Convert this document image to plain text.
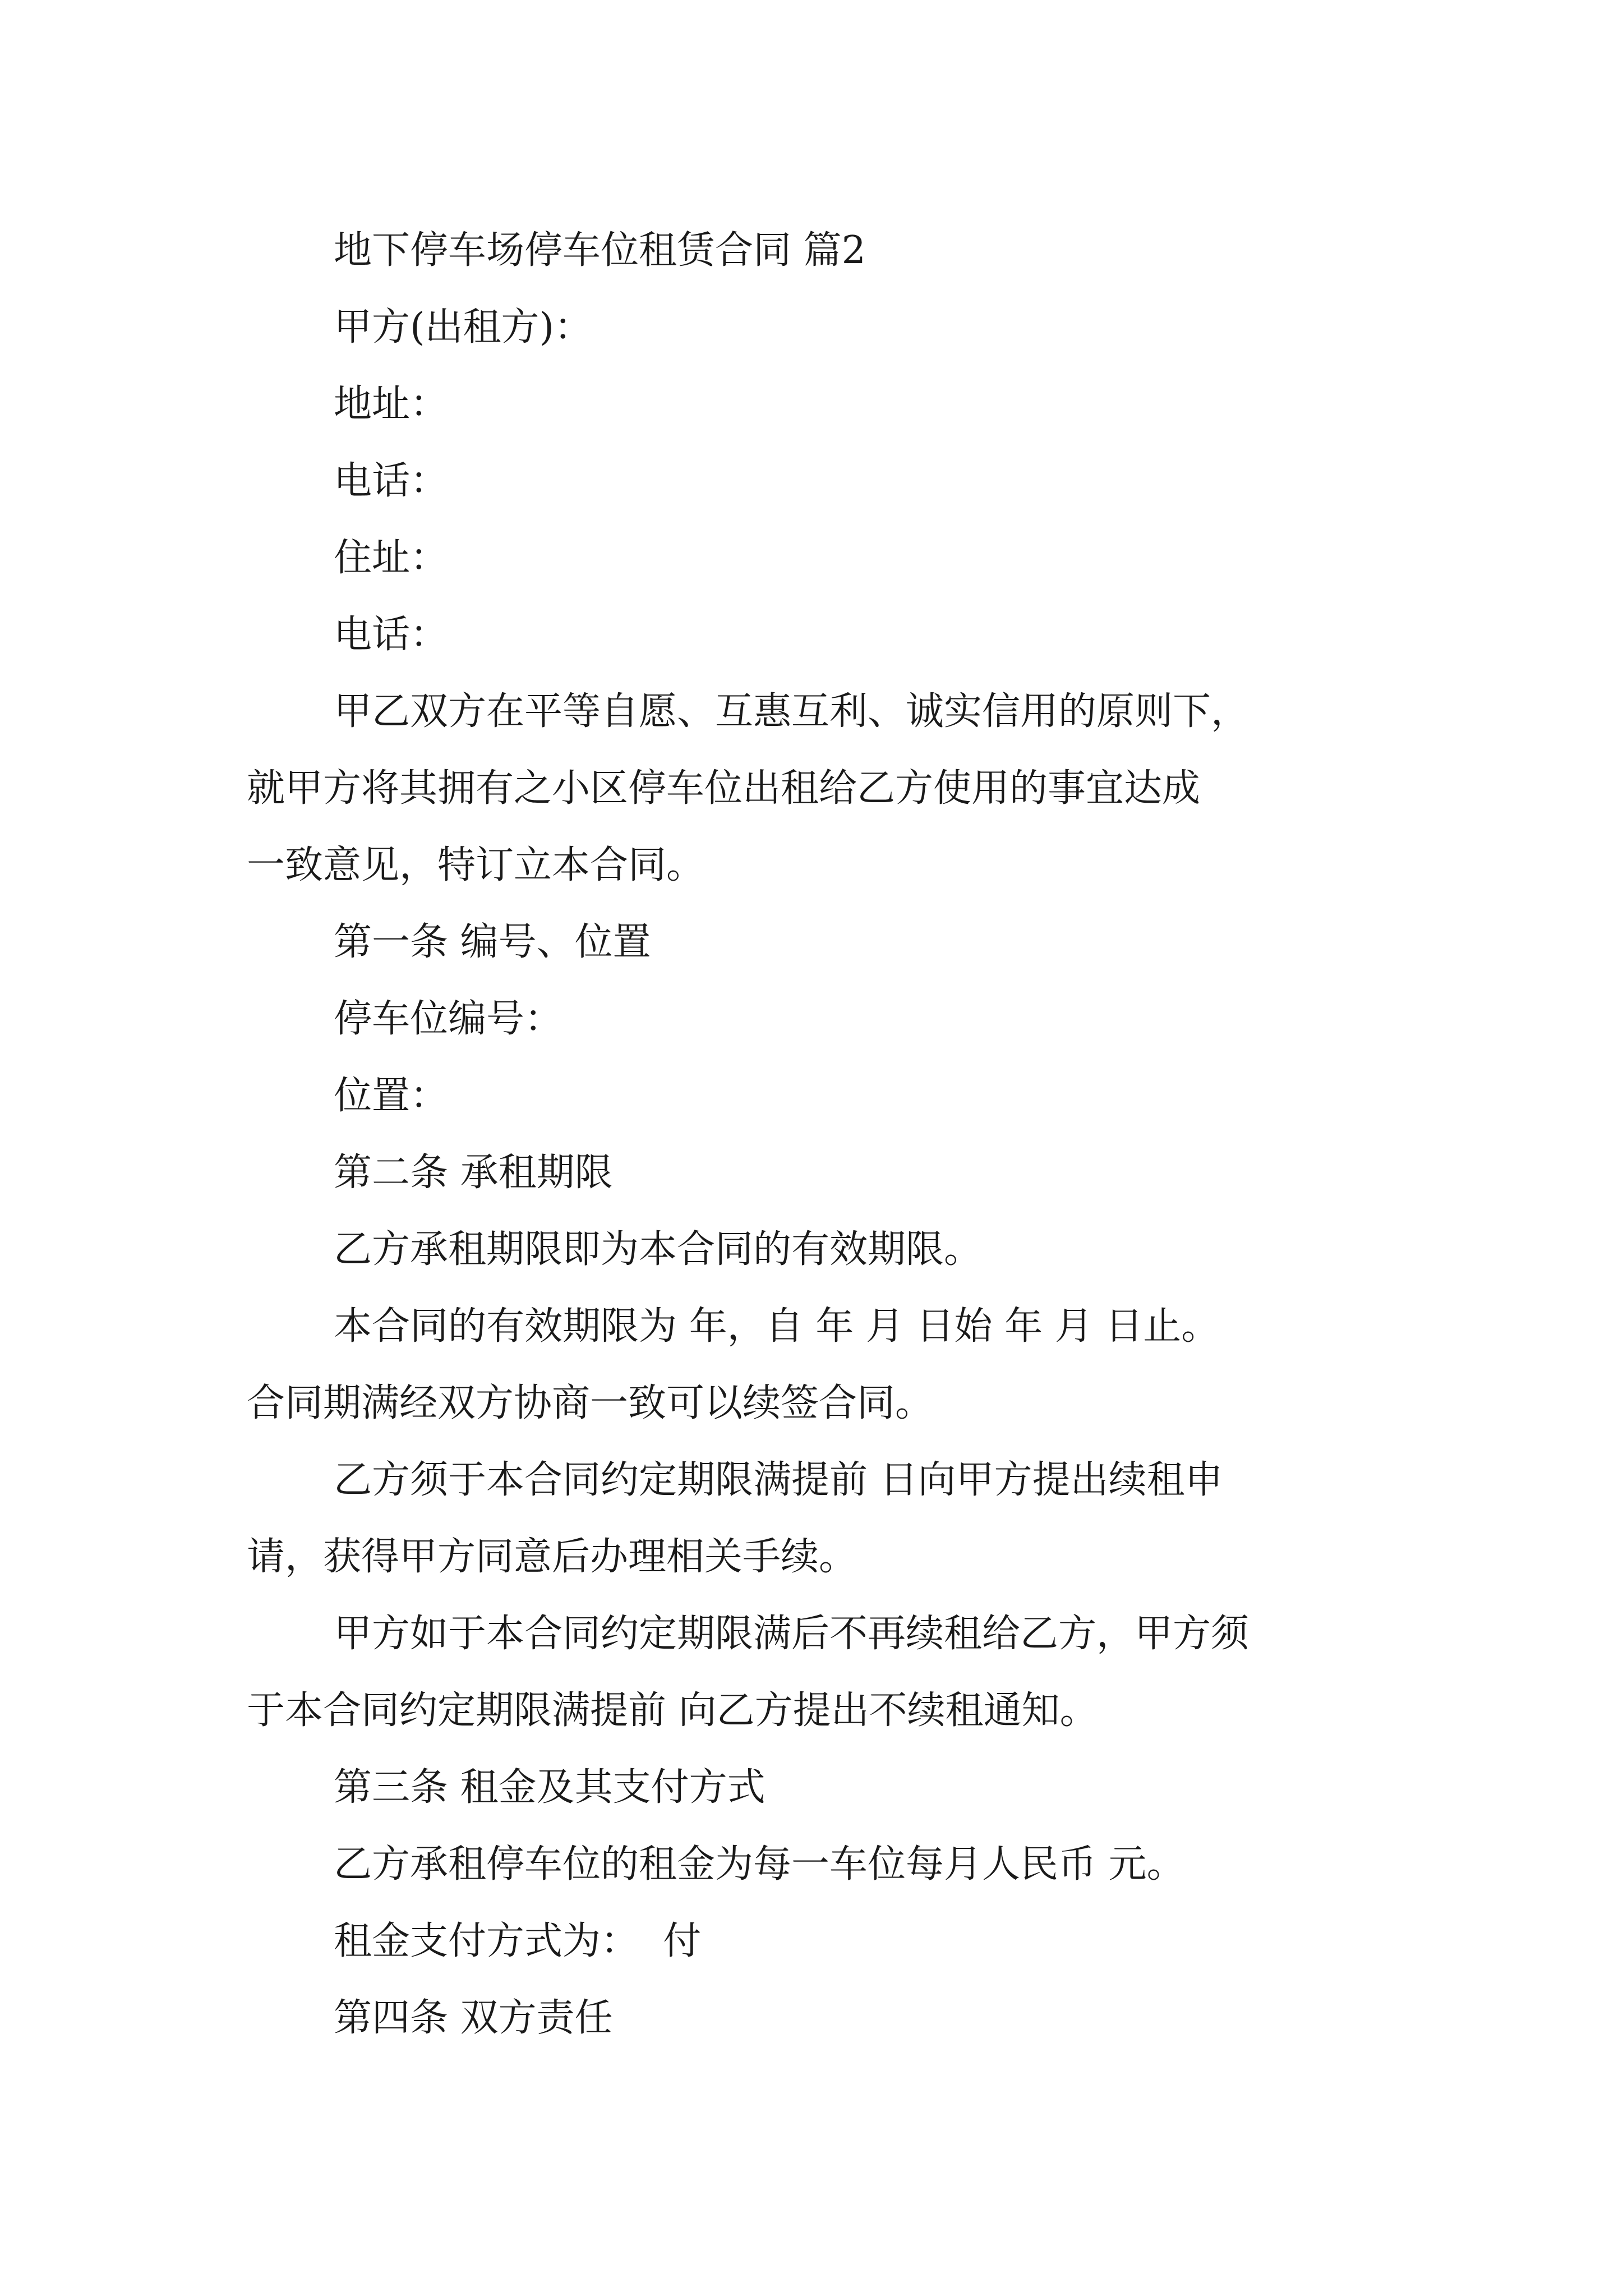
地下停车场停车位租赁合同 篇2
甲方(出租方)：
地址：
电话：
住址：
电话：
甲乙双方在平等自愿、互惠互利、诚实信用的原则下，
就甲方将其拥有之小区停车位出租给乙方使用的事宜达成
一致意见，特订立本合同。
第一条 编号、位置
停车位编号：
位置：
第二条 承租期限
乙方承租期限即为本合同的有效期限。
本合同的有效期限为 年，自 年 月 日始 年 月 日止。
合同期满经双方协商一致可以续签合同。
乙方须于本合同约定期限满提前 日向甲方提出续租申
请，获得甲方同意后办理相关手续。
甲方如于本合同约定期限满后不再续租给乙方，甲方须
于本合同约定期限满提前 向乙方提出不续租通知。
第三条 租金及其支付方式
乙方承租停车位的租金为每一车位每月人民币 元。
租金支付方式为：  付
第四条 双方责任
